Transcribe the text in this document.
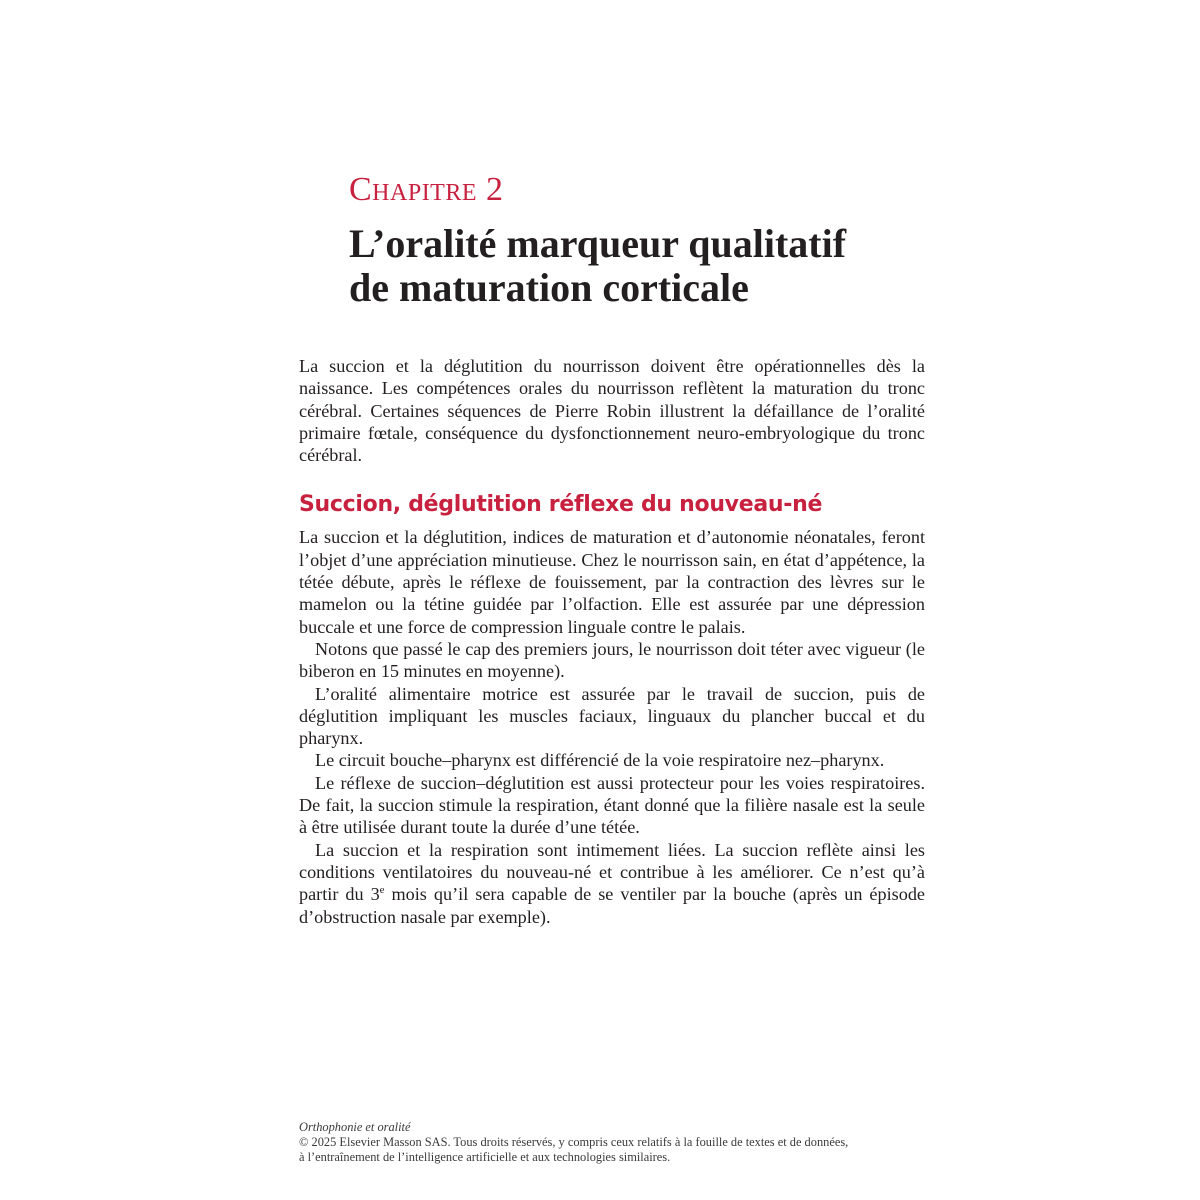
Chapitre 2
L’oralité marqueur qualitatif
de maturation corticale

La succion et la déglutition du nourrisson doivent être opérationnelles dès la naissance. Les compétences orales du nourrisson reflètent la maturation du tronc cérébral. Certaines séquences de Pierre Robin illustrent la défaillance de l’oralité primaire fœtale, conséquence du dysfonctionnement neuro-embryologique du tronc cérébral.

Succion, déglutition réflexe du nouveau-né

La succion et la déglutition, indices de maturation et d’autonomie néonatales, feront l’objet d’une appréciation minutieuse. Chez le nourrisson sain, en état d’appétence, la tétée débute, après le réflexe de fouissement, par la contraction des lèvres sur le mamelon ou la tétine guidée par l’olfaction. Elle est assurée par une dépression buccale et une force de compression linguale contre le palais.

Notons que passé le cap des premiers jours, le nourrisson doit téter avec vigueur (le biberon en 15 minutes en moyenne).

L’oralité alimentaire motrice est assurée par le travail de succion, puis de déglutition impliquant les muscles faciaux, linguaux du plancher buccal et du pharynx.

Le circuit bouche–pharynx est différencié de la voie respiratoire nez–pharynx.

Le réflexe de succion–déglutition est aussi protecteur pour les voies respiratoires. De fait, la succion stimule la respiration, étant donné que la filière nasale est la seule à être utilisée durant toute la durée d’une tétée.

La succion et la respiration sont intimement liées. La succion reflète ainsi les conditions ventilatoires du nouveau-né et contribue à les améliorer. Ce n’est qu’à partir du 3e mois qu’il sera capable de se ventiler par la bouche (après un épisode d’obstruction nasale par exemple).

Orthophonie et oralité
© 2025 Elsevier Masson SAS. Tous droits réservés, y compris ceux relatifs à la fouille de textes et de données,
à l’entraînement de l’intelligence artificielle et aux technologies similaires.
